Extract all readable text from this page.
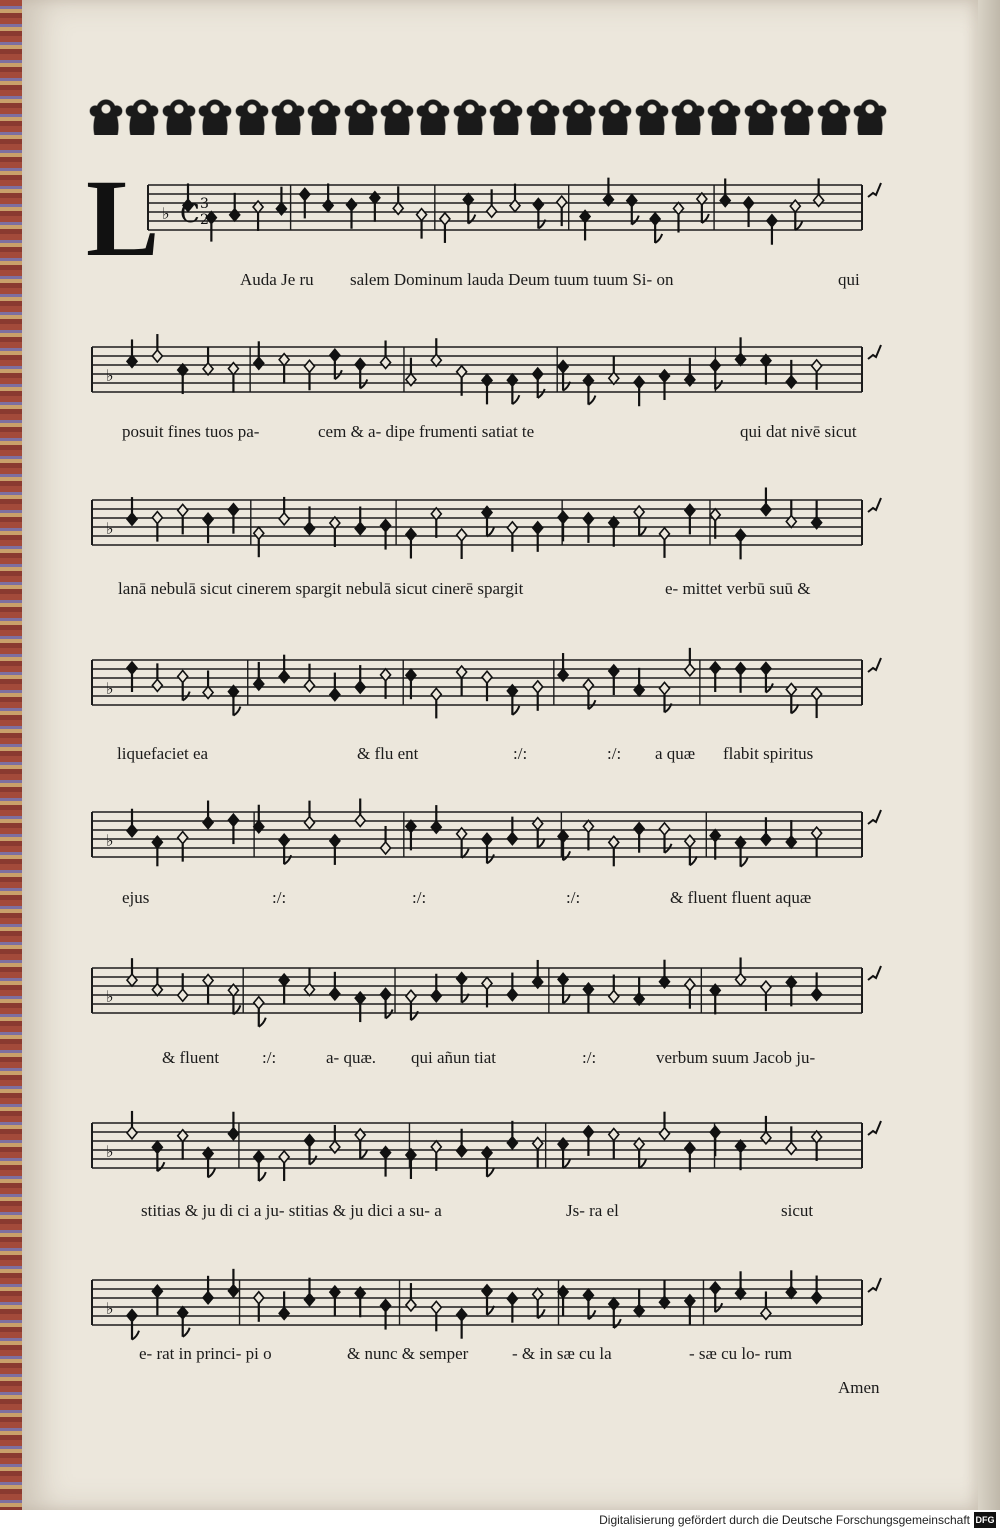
L ♭
♭
♭
♭
♭
♭
♭
♭
C 3
2
Auda Je ru salem Dominum lauda Deum tuum tuum Si- on	qui
posuit fines tuos pa-	cem & a- dipe frumenti satiat te	qui dat nivē sicut
lanā nebulā sicut cinerem spargit nebulā sicut cinerē spargit	e- mittet verbū suū &
liquefaciet ea	& flu ent	:/:	:/: a quæ flabit spiritus
ejus	:/:	:/:	:/:	& fluent fluent aquæ
& fluent	:/:	a- quæ. qui añun tiat	:/:	verbum suum Jacob ju-
stitias & ju di ci a ju- stitias & ju dici a su- a	Js- ra el	sicut
e- rat in princi- pi o	& nunc & semper	- & in sæ cu la	- sæ cu lo- rum
Amen
Digitalisierung gefördert durch die Deutsche Forschungsgemeinschaft DFG
